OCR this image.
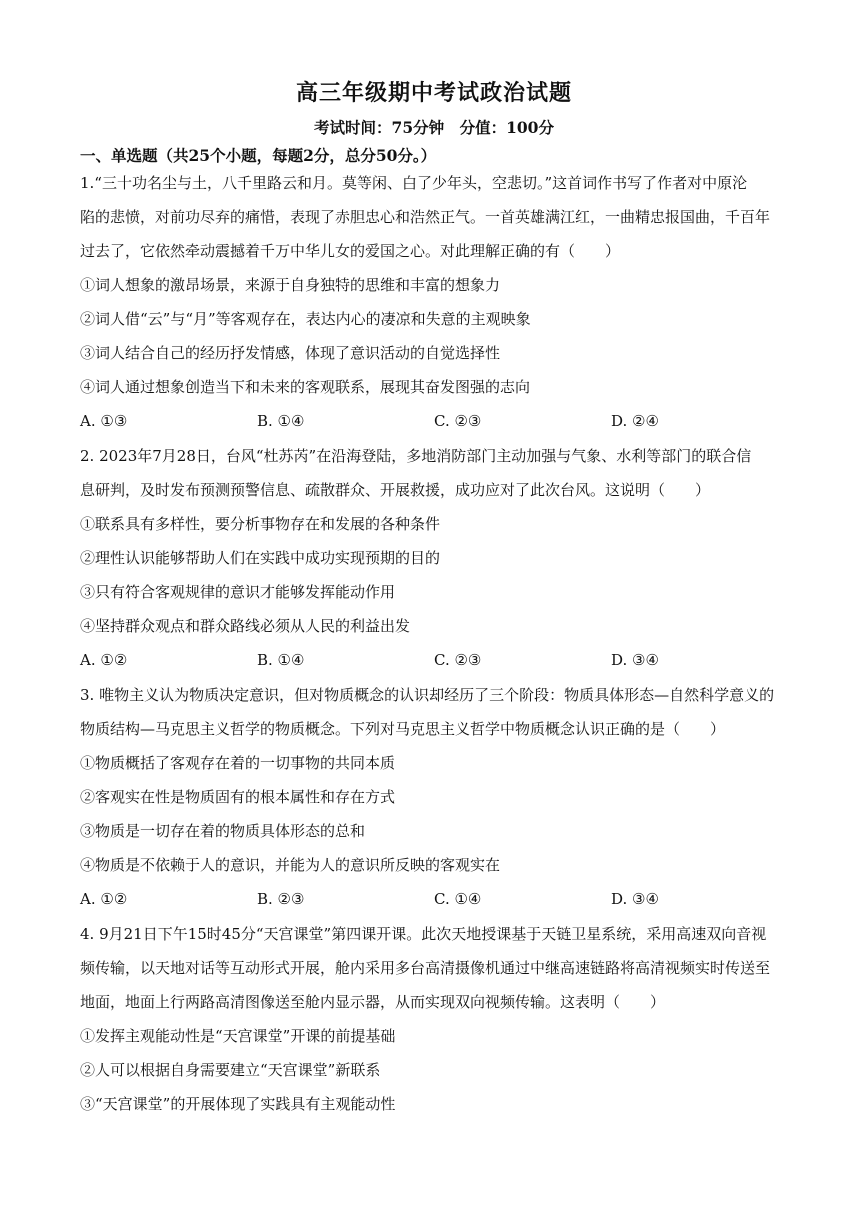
高三年级期中考试政治试题
考试时间：75分钟　分值：100分
一、单选题（共25个小题，每题2分，总分50分。）
1.“三十功名尘与土，八千里路云和月。莫等闲、白了少年头，空悲切。”这首词作书写了作者对中原沦
陷的悲愤，对前功尽弃的痛惜，表现了赤胆忠心和浩然正气。一首英雄满江红，一曲精忠报国曲，千百年
过去了，它依然牵动震撼着千万中华儿女的爱国之心。对此理解正确的有（　　）
①词人想象的激昂场景，来源于自身独特的思维和丰富的想象力
②词人借“云”与“月”等客观存在，表达内心的凄凉和失意的主观映象
③词人结合自己的经历抒发情感，体现了意识活动的自觉选择性
④词人通过想象创造当下和未来的客观联系，展现其奋发图强的志向
A. ①③	B. ①④	C. ②③	D. ②④
2. 2023年7月28日，台风“杜苏芮”在沿海登陆，多地消防部门主动加强与气象、水利等部门的联合信
息研判，及时发布预测预警信息、疏散群众、开展救援，成功应对了此次台风。这说明（　　）
①联系具有多样性，要分析事物存在和发展的各种条件
②理性认识能够帮助人们在实践中成功实现预期的目的
③只有符合客观规律的意识才能够发挥能动作用
④坚持群众观点和群众路线必须从人民的利益出发
A. ①②	B. ①④	C. ②③	D. ③④
3. 唯物主义认为物质决定意识，但对物质概念的认识却经历了三个阶段：物质具体形态—自然科学意义的
物质结构—马克思主义哲学的物质概念。下列对马克思主义哲学中物质概念认识正确的是（　　）
①物质概括了客观存在着的一切事物的共同本质
②客观实在性是物质固有的根本属性和存在方式
③物质是一切存在着的物质具体形态的总和
④物质是不依赖于人的意识，并能为人的意识所反映的客观实在
A. ①②	B. ②③	C. ①④	D. ③④
4. 9月21日下午15时45分“天宫课堂”第四课开课。此次天地授课基于天链卫星系统，采用高速双向音视
频传输，以天地对话等互动形式开展，舱内采用多台高清摄像机通过中继高速链路将高清视频实时传送至
地面，地面上行两路高清图像送至舱内显示器，从而实现双向视频传输。这表明（　　）
①发挥主观能动性是“天宫课堂”开课的前提基础
②人可以根据自身需要建立“天宫课堂”新联系
③“天宫课堂”的开展体现了实践具有主观能动性
